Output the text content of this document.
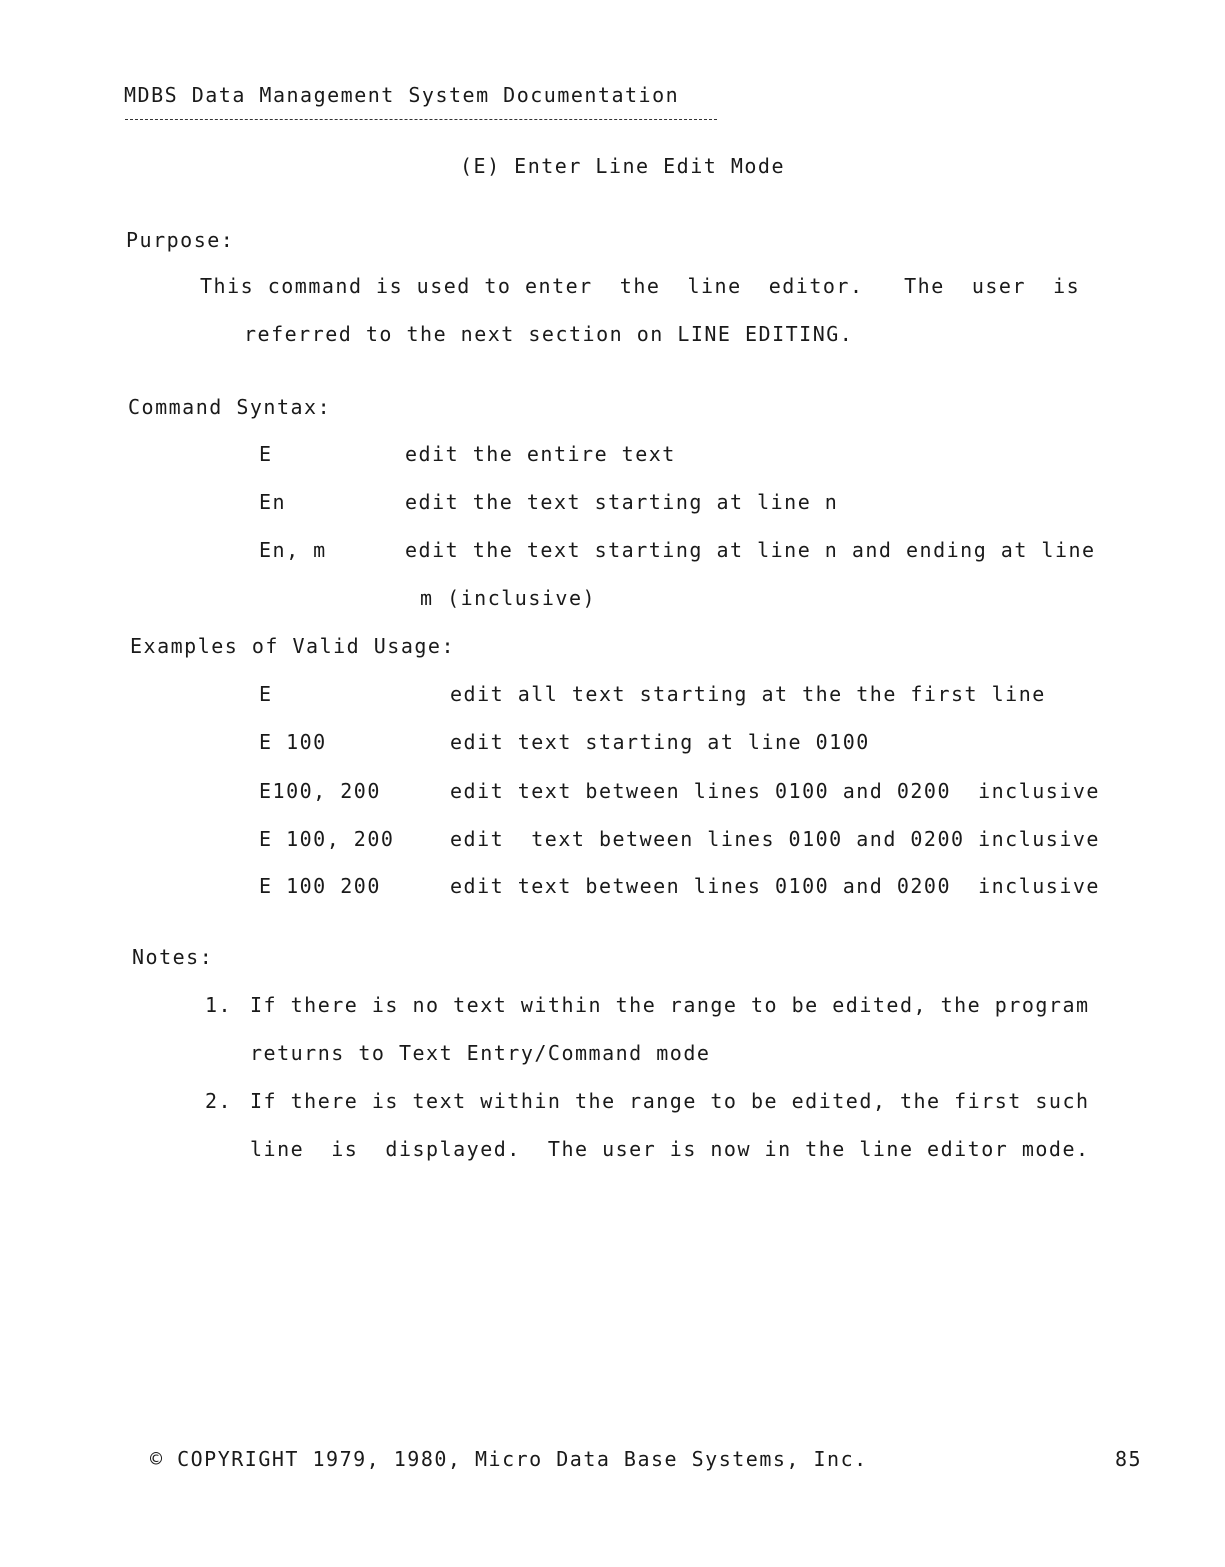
MDBS Data Management System Documentation
(E) Enter Line Edit Mode
Purpose:
This command is used to enter  the  line  editor.   The  user  is
referred to the next section on LINE EDITING.
Command Syntax:
E	edit the entire text
En	edit the text starting at line n
En, m	edit the text starting at line n and ending at line
m (inclusive)
Examples of Valid Usage:
E	edit all text starting at the the first line
E 100	edit text starting at line 0100
E100, 200	edit text between lines 0100 and 0200  inclusive
E 100, 200	edit  text between lines 0100 and 0200 inclusive
E 100 200	edit text between lines 0100 and 0200  inclusive
Notes:
1. If there is no text within the range to be edited, the program
returns to Text Entry/Command mode
2. If there is text within the range to be edited, the first such
line  is  displayed.  The user is now in the line editor mode.
© COPYRIGHT 1979, 1980, Micro Data Base Systems, Inc.	85
